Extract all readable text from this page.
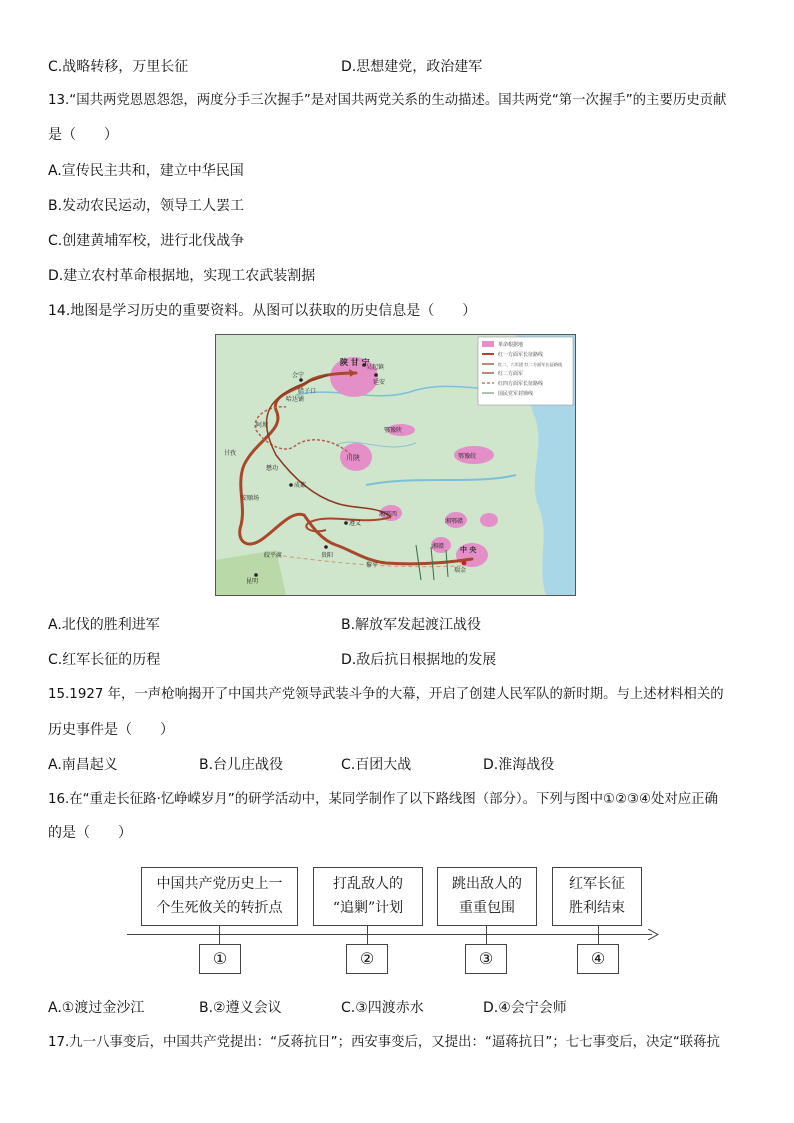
C.战略转移，万里长征	D.思想建党，政治建军
13.“国共两党恩恩怨怨，两度分手三次握手”是对国共两党关系的生动描述。国共两党“第一次握手”的主要历史贡献
是（　　）
A.宣传民主共和，建立中华民国
B.发动农民运动，领导工人罢工
C.创建黄埔军校，进行北伐战争
D.建立农村革命根据地，实现工农武装割据
14.地图是学习历史的重要资料。从图可以获取的历史信息是（　　）
陕 甘 宁
吴起镇
延安
会宁
哈达铺
腊子口
鄂豫陕
川陕	鄂豫皖
成都
懋功
安顺场
湘鄂西
湘鄂赣
湘赣
遵义
贵阳
黎平
皎平渡
昆明
中 央
瑞金
甘孜
阿坝
革命根据地
红一方面军长征路线
红二、六军团 红二方面军长征路线
红二方面军
红四方面军长征路线
国民党军封锁线
A.北伐的胜利进军	B.解放军发起渡江战役
C.红军长征的历程	D.敌后抗日根据地的发展
15.1927 年，一声枪响揭开了中国共产党领导武装斗争的大幕，开启了创建人民军队的新时期。与上述材料相关的
历史事件是（　　）
A.南昌起义	B.台儿庄战役	C.百团大战	D.淮海战役
16.在“重走长征路·忆峥嵘岁月”的研学活动中，某同学制作了以下路线图（部分）。下列与图中①②③④处对应正确
的是（　　）
中国共产党历史上一
个生死攸关的转折点
①
打乱敌人的
“追剿”计划
②
跳出敌人的
重重包围
③
红军长征
胜利结束
④
A.①渡过金沙江	B.②遵义会议	C.③四渡赤水	D.④会宁会师
17.九一八事变后，中国共产党提出：“反蒋抗日”；西安事变后，又提出：“逼蒋抗日”；七七事变后，决定“联蒋抗
